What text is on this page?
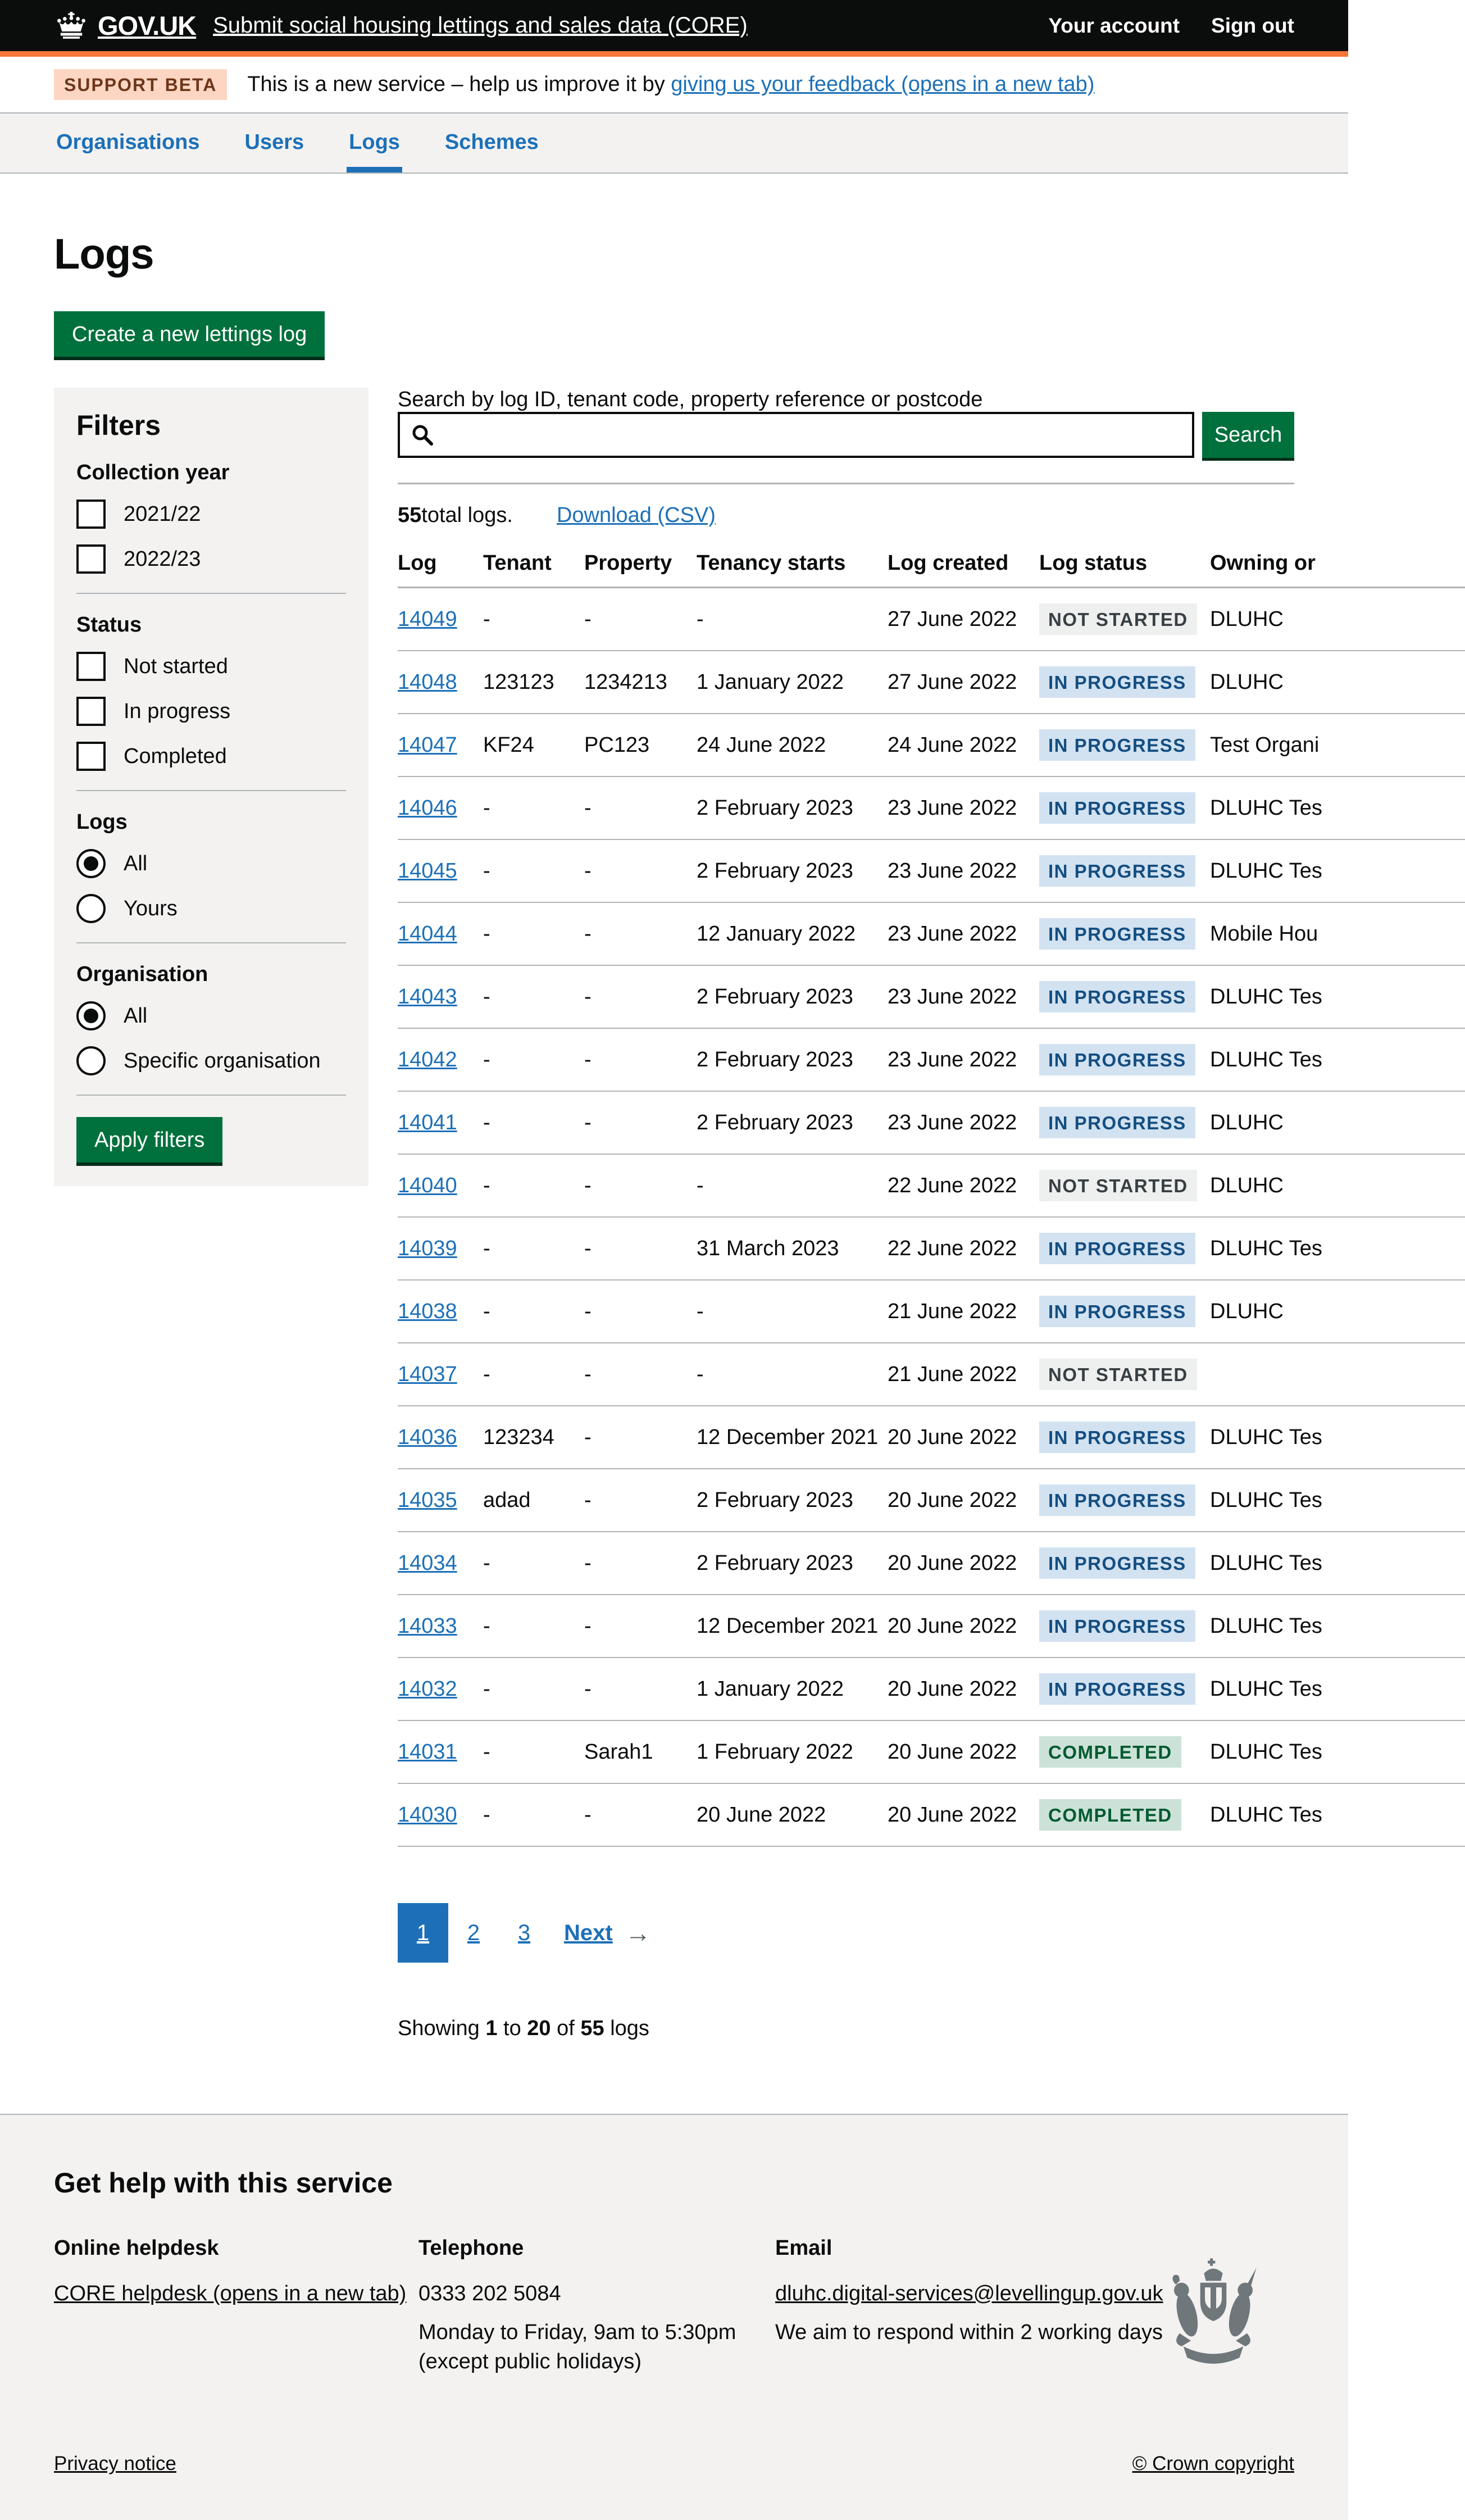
GOV.UK Submit social housing lettings and sales data (CORE)	Your account Sign out
SUPPORT BETA	This is a new service – help us improve it by giving us your feedback (opens in a new tab)
Organisations Users Logs Schemes
Logs
Create a new lettings log
Filters
Collection year
2021/22
2022/23
Status
Not started
In progress
Completed
Logs
All
Yours
Organisation
All
Specific organisation
Apply filters
Search by log ID, tenant code, property reference or postcode
Search

55 total logs. Download (CSV)

Log	Tenant	Property	Tenancy starts	Log created	Log status	Owning or
14049	-	-	-	27 June 2022	NOT STARTED	DLUHC
14048	123123	1234213	1 January 2022	27 June 2022	IN PROGRESS	DLUHC
14047	KF24	PC123	24 June 2022	24 June 2022	IN PROGRESS	Test Organi
14046	-	-	2 February 2023	23 June 2022	IN PROGRESS	DLUHC Tes
14045	-	-	2 February 2023	23 June 2022	IN PROGRESS	DLUHC Tes
14044	-	-	12 January 2022	23 June 2022	IN PROGRESS	Mobile Hou
14043	-	-	2 February 2023	23 June 2022	IN PROGRESS	DLUHC Tes
14042	-	-	2 February 2023	23 June 2022	IN PROGRESS	DLUHC Tes
14041	-	-	2 February 2023	23 June 2022	IN PROGRESS	DLUHC
14040	-	-	-	22 June 2022	NOT STARTED	DLUHC
14039	-	-	31 March 2023	22 June 2022	IN PROGRESS	DLUHC Tes
14038	-	-	-	21 June 2022	IN PROGRESS	DLUHC
14037	-	-	-	21 June 2022	NOT STARTED	
14036	123234	-	12 December 2021	20 June 2022	IN PROGRESS	DLUHC Tes
14035	adad	-	2 February 2023	20 June 2022	IN PROGRESS	DLUHC Tes
14034	-	-	2 February 2023	20 June 2022	IN PROGRESS	DLUHC Tes
14033	-	-	12 December 2021	20 June 2022	IN PROGRESS	DLUHC Tes
14032	-	-	1 January 2022	20 June 2022	IN PROGRESS	DLUHC Tes
14031	-	Sarah1	1 February 2022	20 June 2022	COMPLETED	DLUHC Tes
14030	-	-	20 June 2022	20 June 2022	COMPLETED	DLUHC Tes
1	2	3	Next →

Showing 1 to 20 of 55 logs

Get help with this service
Online helpdesk

CORE helpdesk (opens in a new tab)

Telephone

0333 202 5084

Monday to Friday, 9am to 5:30pm
(except public holidays)

Email

dluhc.digital-services@levellingup.gov.uk

We aim to respond within 2 working days

Privacy notice	© Crown copyright
